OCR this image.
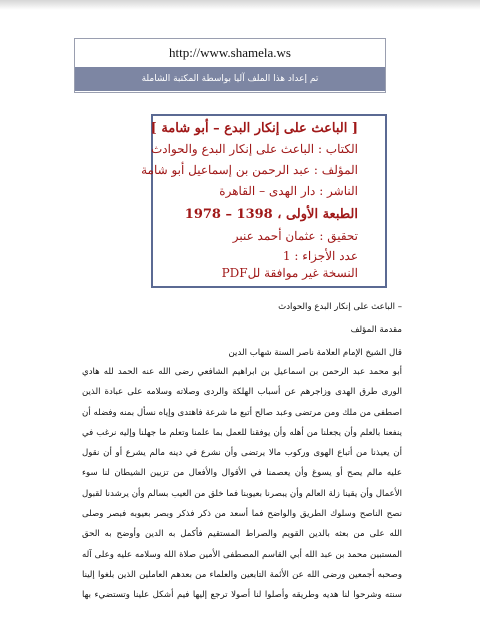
http://www.shamela.ws
تم إعداد هذا الملف آليا بواسطة المكتبة الشاملة
[ الباعث على إنكار البدع – أبو شامة ]
الكتاب : الباعث على إنكار البدع والحوادث
المؤلف : عبد الرحمن بن إسماعيل أبو شامة
الناشر : دار الهدى – القاهرة
الطبعة الأولى ، 1398 – 1978
تحقيق : عثمان أحمد عنبر
عدد الأجزاء : 1
النسخة غير موافقة للPDF
– الباعث على إنكار البدع والحوادث
مقدمة المؤلف
قال الشيخ الإمام العلامة ناصر السنة شهاب الدين
أبو محمد عبد الرحمن بن اسماعيل بن ابراهيم الشافعي رضى الله عنه الحمد لله هادي
الورى طرق الهدى وزاجرهم عن أسباب الهلكة والردى وصلاته وسلامه على عبادة الذين
اصطفى من ملك ومن مرتضى وعبد صالح أتبع ما شرعة فاهتدى وإياه نسأل بمنه وفضله أن
ينفعنا بالعلم وأن يجعلنا من أهله وأن يوفقنا للعمل بما علمنا وتعلم ما جهلنا وإليه نرغب في
أن يعيذنا من أتباع الهوى وركوب مالا يرتضى وأن نشرع في دينه مالم يشرع أو أن نقول
عليه مالم يصح أو يسوغ وأن يعصمنا في الأقوال والأفعال من تزيين الشيطان لنا سوء
الأعمال وأن يقينا زلة العالم وأن يبصرنا بعيوبنا فما خلق من العيب بسالم وأن يرشدنا لقبول
نصح الناصح وسلوك الطريق والواضح فما أسعد من ذكر فذكر وبصر بعيوبه فبصر وصلى
الله على من بعثه بالدين القويم والصراط المستقيم فأكمل به الدين وأوضح به الحق
المستبين محمد بن عبد الله أبي القاسم المصطفى الأمين صلاة الله وسلامه عليه وعلى آله
وصحبه أجمعين ورضى الله عن الأئمة التابعين والعلماء من بعدهم العاملين الذين بلغوا إلينا
سنته وشرحوا لنا هديه وطريقه وأصلوا لنا أصولا ترجع إليها فيم أشكل علينا وتستضيء بها
